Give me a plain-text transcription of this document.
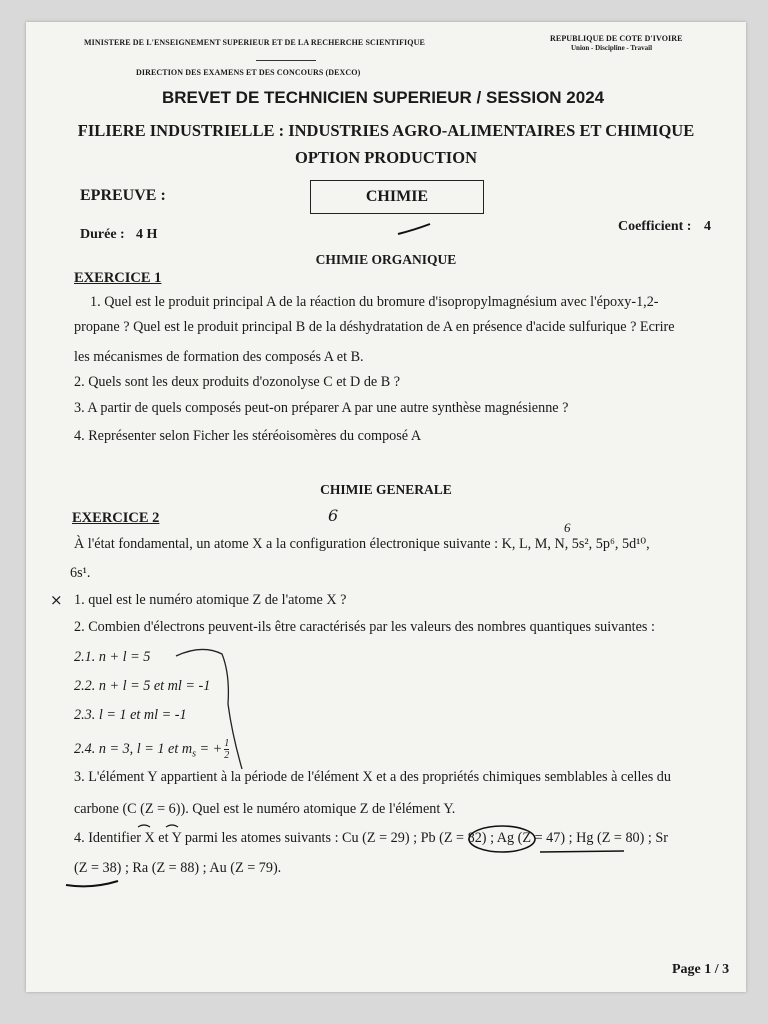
MINISTERE DE L'ENSEIGNEMENT SUPERIEUR ET DE LA RECHERCHE SCIENTIFIQUE	REPUBLIQUE DE COTE D'IVOIRE
Union - Discipline - Travail
DIRECTION DES EXAMENS ET DES CONCOURS (DEXCO)
BREVET DE TECHNICIEN SUPERIEUR / SESSION 2024
FILIERE INDUSTRIELLE : INDUSTRIES AGRO-ALIMENTAIRES ET CHIMIQUE
OPTION PRODUCTION
EPREUVE :	CHIMIE
Durée : 4 H
Coefficient : 4
CHIMIE ORGANIQUE
EXERCICE 1
1. Quel est le produit principal A de la réaction du bromure d'isopropylmagnésium avec l'époxy-1,2-
propane ? Quel est le produit principal B de la déshydratation de A en présence d'acide sulfurique ? Ecrire
les mécanismes de formation des composés A et B.
2. Quels sont les deux produits d'ozonolyse C et D de B ?
3. A partir de quels composés peut-on préparer A par une autre synthèse magnésienne ?
4. Représenter selon Ficher les stéréoisomères du composé A
CHIMIE GENERALE
EXERCICE 2	6
À l'état fondamental, un atome X a la configuration électronique suivante : K, L, M, N, 5s², 5p⁶, 5d¹⁰,
6
6s¹.
× 1. quel est le numéro atomique Z de l'atome X ?
2. Combien d'électrons peuvent-ils être caractérisés par les valeurs des nombres quantiques suivantes :
2.1. n + l = 5
2.2. n + l = 5 et ml = -1
2.3. l = 1 et ml = -1
2.4. n = 3, l = 1 et $m_s$ = + $\frac{1}{2}$
3. L'élément Y appartient à la période de l'élément X et a des propriétés chimiques semblables à celles du
carbone (C (Z = 6)). Quel est le numéro atomique Z de l'élément Y.
4. Identifier X et Y parmi les atomes suivants : Cu (Z = 29) ; Pb (Z = 82) ; Ag (Z = 47) ; Hg (Z = 80) ; Sr
(Z = 38) ; Ra (Z = 88) ; Au (Z = 79).
Page 1 / 3
